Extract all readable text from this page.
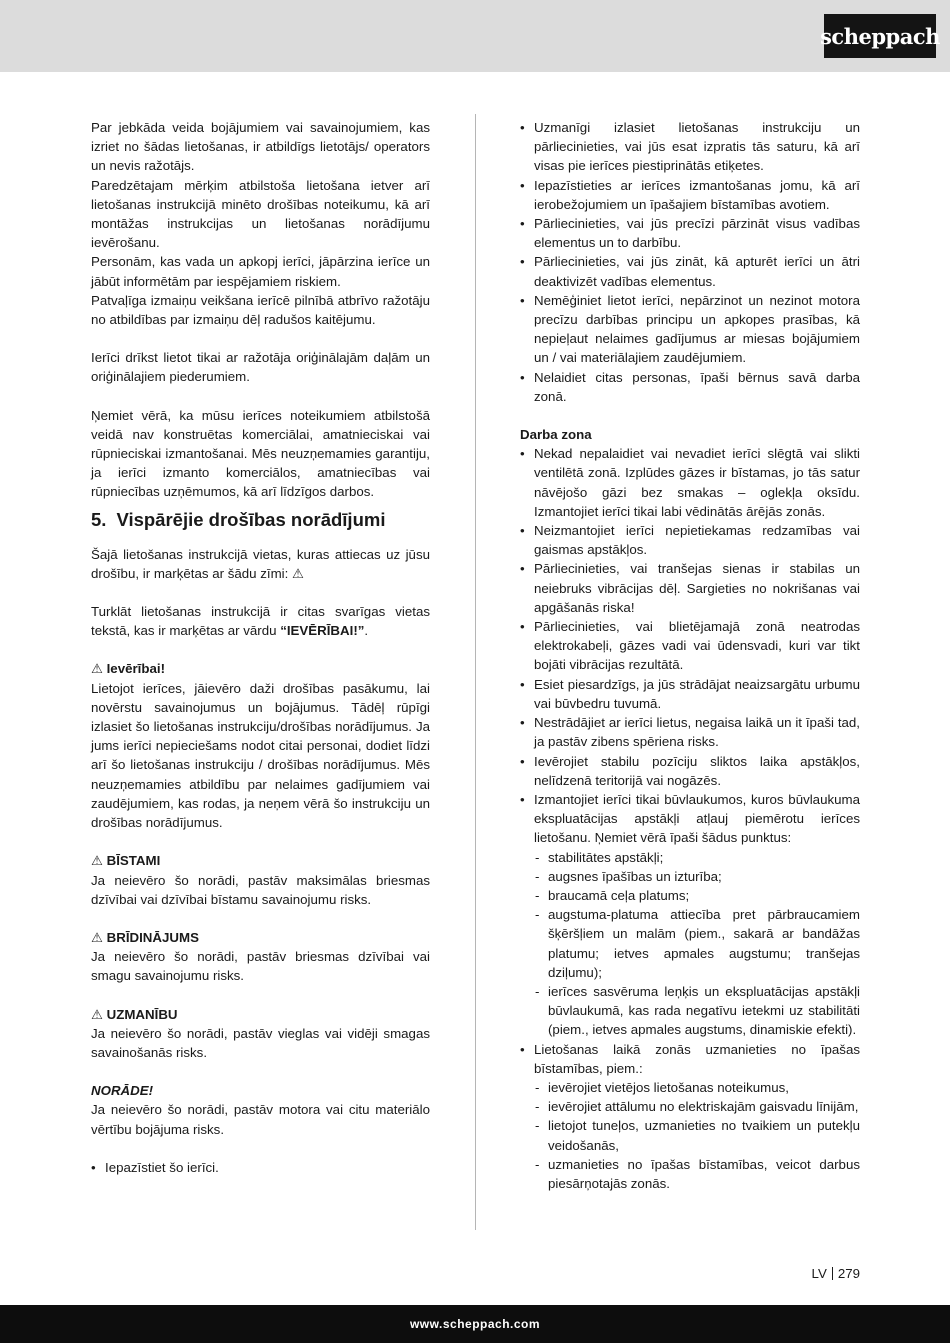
scheppach

Par jebkāda veida bojājumiem vai savainojumiem, kas izriet no šādas lietošanas, ir atbildīgs lietotājs/ operators un nevis ražotājs.

Paredzētajam mērķim atbilstoša lietošana ietver arī lietošanas instrukcijā minēto drošības noteikumu, kā arī montāžas instrukcijas un lietošanas norādījumu ievērošanu.

Personām, kas vada un apkopj ierīci, jāpārzina ierīce un jābūt informētām par iespējamiem riskiem.

Patvaļīga izmaiņu veikšana ierīcē pilnībā atbrīvo ražotāju no atbildības par izmaiņu dēļ radušos kaitējumu.

Ierīci drīkst lietot tikai ar ražotāja oriģinālajām daļām un oriģinālajiem piederumiem.

Ņemiet vērā, ka mūsu ierīces noteikumiem atbilstošā veidā nav konstruētas komerciālai, amatnieciskai vai rūpnieciskai izmantošanai. Mēs neuzņemamies garantiju, ja ierīci izmanto komerciālos, amatniecības vai rūpniecības uzņēmumos, kā arī līdzīgos darbos.

5. Vispārējie drošības norādījumi

Šajā lietošanas instrukcijā vietas, kuras attiecas uz jūsu drošību, ir marķētas ar šādu zīmi: ⚠

Turklāt lietošanas instrukcijā ir citas svarīgas vietas tekstā, kas ir marķētas ar vārdu “IEVĒRĪBAI!”.

⚠ Ievērībai!

Lietojot ierīces, jāievēro daži drošības pasākumu, lai novērstu savainojumus un bojājumus. Tādēļ rūpīgi izlasiet šo lietošanas instrukciju/drošības norādījumus. Ja jums ierīci nepieciešams nodot citai personai, dodiet līdzi arī šo lietošanas instrukciju / drošības norādījumus. Mēs neuzņemamies atbildību par nelaimes gadījumiem vai zaudējumiem, kas rodas, ja neņem vērā šo instrukciju un drošības norādījumus.

⚠ BĪSTAMI

Ja neievēro šo norādi, pastāv maksimālas briesmas dzīvībai vai dzīvībai bīstamu savainojumu risks.

⚠ BRĪDINĀJUMS

Ja neievēro šo norādi, pastāv briesmas dzīvībai vai smagu savainojumu risks.

⚠ UZMANĪBU

Ja neievēro šo norādi, pastāv vieglas vai vidēji smagas savainošanās risks.

NORĀDE!

Ja neievēro šo norādi, pastāv motora vai citu materiālo vērtību bojājuma risks.

• Iepazīstiet šo ierīci.
• Uzmanīgi izlasiet lietošanas instrukciju un pārliecinieties, vai jūs esat izpratis tās saturu, kā arī visas pie ierīces piestiprinātās etiķetes.
• Iepazīstieties ar ierīces izmantošanas jomu, kā arī ierobežojumiem un īpašajiem bīstamības avotiem.
• Pārliecinieties, vai jūs precīzi pārzināt visus vadības elementus un to darbību.
• Pārliecinieties, vai jūs zināt, kā apturēt ierīci un ātri deaktivizēt vadības elementus.
• Nemēģiniet lietot ierīci, nepārzinot un nezinot motora precīzu darbības principu un apkopes prasības, kā nepieļaut nelaimes gadījumus ar miesas bojājumiem un / vai materiālajiem zaudējumiem.
• Nelaidiet citas personas, īpaši bērnus savā darba zonā.

Darba zona

• Nekad nepalaidiet vai nevadiet ierīci slēgtā vai slikti ventilētā zonā. Izplūdes gāzes ir bīstamas, jo tās satur nāvējošo gāzi bez smakas – oglekļa oksīdu. Izmantojiet ierīci tikai labi vēdinātās ārējās zonās.
• Neizmantojiet ierīci nepietiekamas redzamības vai gaismas apstākļos.
• Pārliecinieties, vai tranšejas sienas ir stabilas un neiebruks vibrācijas dēļ. Sargieties no nokrišanas vai apgāšanās riska!
• Pārliecinieties, vai blietējamajā zonā neatrodas elektrokabeļi, gāzes vadi vai ūdensvadi, kuri var tikt bojāti vibrācijas rezultātā.
• Esiet piesardzīgs, ja jūs strādājat neaizsargātu urbumu vai būvbedru tuvumā.
• Nestrādājiet ar ierīci lietus, negaisa laikā un it īpaši tad, ja pastāv zibens spēriena risks.
• Ievērojiet stabilu pozīciju sliktos laika apstākļos, nelīdzenā teritorijā vai nogāzēs.
• Izmantojiet ierīci tikai būvlaukumos, kuros būvlaukuma ekspluatācijas apstākļi atļauj piemērotu ierīces lietošanu. Ņemiet vērā īpaši šādus punktus:
- stabilitātes apstākļi;
- augsnes īpašības un izturība;
- braucamā ceļa platums;
- augstuma-platuma attiecība pret pārbraucamiem šķēršļiem un malām (piem., sakarā ar bandāžas platumu; ietves apmales augstumu; tranšejas dziļumu);
- ierīces sasvēruma leņķis un ekspluatācijas apstākļi būvlaukumā, kas rada negatīvu ietekmi uz stabilitāti (piem., ietves apmales augstums, dinamiskie efekti).
• Lietošanas laikā zonās uzmanieties no īpašas bīstamības, piem.:
- ievērojiet vietējos lietošanas noteikumus,
- ievērojiet attālumu no elektriskajām gaisvadu līnijām,
- lietojot tuneļos, uzmanieties no tvaikiem un putekļu veidošanās,
- uzmanieties no īpašas bīstamības, veicot darbus piesārņotajās zonās.
LV 279
www.scheppach.com
